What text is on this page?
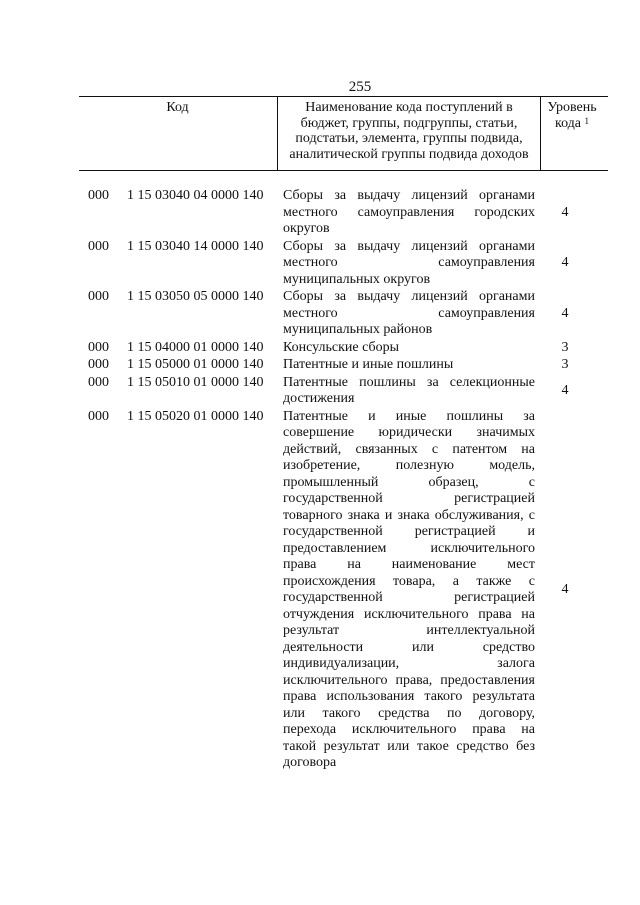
255
Код	Наименование кода поступлений в
бюджет, группы, подгруппы, статьи,
подстатьи, элемента, группы подвида,
аналитической группы подвида доходов
Уровень
кода $^1$
000	1 15 03040 04 0000 140	Сборы за выдачу лицензий органами
местного самоуправления городских
округов
4
000	1 15 03040 14 0000 140	Сборы за выдачу лицензий органами
местного самоуправления
муниципальных округов
4
000	1 15 03050 05 0000 140	Сборы за выдачу лицензий органами
местного самоуправления
муниципальных районов
4
000	1 15 04000 01 0000 140	Консульские сборы	3
000	1 15 05000 01 0000 140	Патентные и иные пошлины	3
000	1 15 05010 01 0000 140	Патентные пошлины за селекционные
достижения
4
000	1 15 05020 01 0000 140	Патентные и иные пошлины за
совершение юридически значимых
действий, связанных с патентом на
изобретение, полезную модель,
промышленный образец, с
государственной регистрацией
товарного знака и знака обслуживания, с
государственной регистрацией и
предоставлением исключительного
права на наименование мест
происхождения товара, а также с
государственной регистрацией
отчуждения исключительного права на
результат интеллектуальной
деятельности или средство
индивидуализации, залога
исключительного права, предоставления
права использования такого результата
или такого средства по договору,
перехода исключительного права на
такой результат или такое средство без
договора
4
